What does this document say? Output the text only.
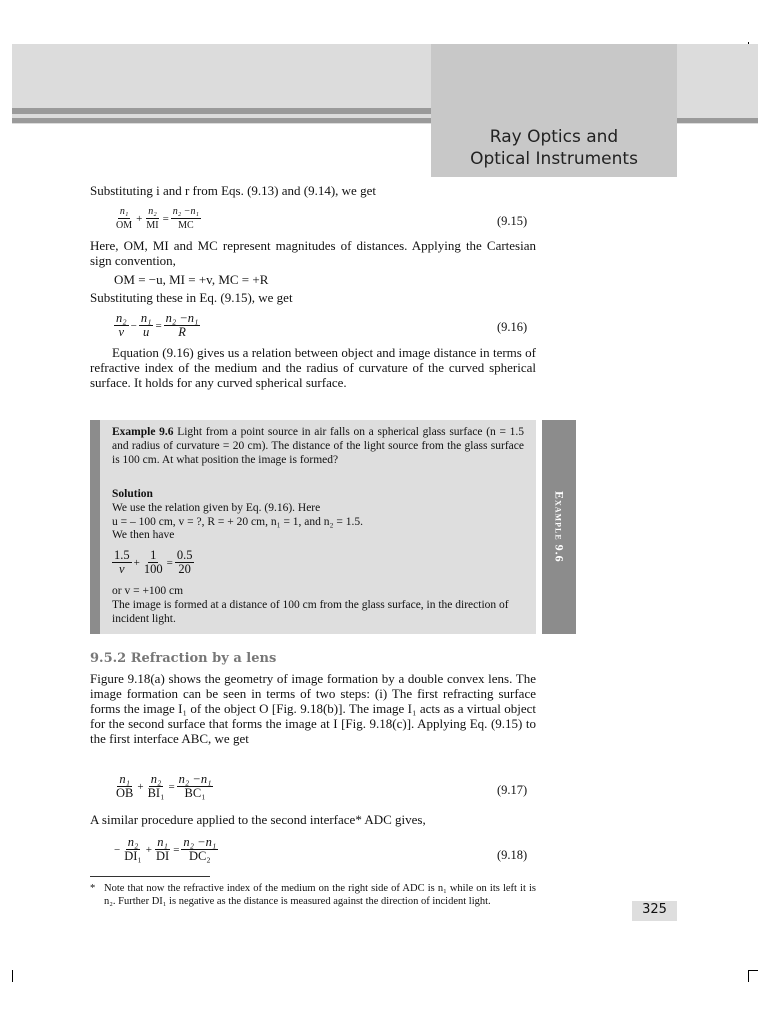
Ray Optics and
Optical Instruments
Substituting i and r from Eqs. (9.13) and (9.14), we get
$\frac{\text{n₁}}{OM} + \frac{\text{n₂}}{MI} = \frac{\text{n₂ −n₁}}{MC}$	(9.15)
Here, OM, MI and MC represent magnitudes of distances. Applying the Cartesian sign convention,
OM = −u, MI = +v, MC = +R
Substituting these in Eq. (9.15), we get
$\frac{\text{n₂}}{v} - \frac{\text{n₁}}{u} = \frac{\text{n₂ −n₁}}{R}$	(9.16)
Equation (9.16) gives us a relation between object and image distance in terms of refractive index of the medium and the radius of curvature of the curved spherical surface. It holds for any curved spherical surface.
Example 9.6
Example 9.6 Light from a point source in air falls on a spherical glass surface (n = 1.5 and radius of curvature = 20 cm). The distance of the light source from the glass surface is 100 cm. At what position the image is formed?
Solution
We use the relation given by Eq. (9.16). Here
u = – 100 cm, v = ?, R = + 20 cm, n₁ = 1, and n₂ = 1.5.
We then have
$\frac{1.5}{v} + \frac{1}{100} = \frac{0.5}{20}$
or v = +100 cm
The image is formed at a distance of 100 cm from the glass surface, in the direction of incident light.
9.5.2 Refraction by a lens
Figure 9.18(a) shows the geometry of image formation by a double convex lens. The image formation can be seen in terms of two steps: (i) The first refracting surface forms the image I₁ of the object O [Fig. 9.18(b)]. The image I₁ acts as a virtual object for the second surface that forms the image at I [Fig. 9.18(c)]. Applying Eq. (9.15) to the first interface ABC, we get
$\frac{\text{n₁}}{OB} + \frac{\text{n₂}}{\text{BI₁}} = \frac{\text{n₂ −n₁}}{\text{BC₁}}$	(9.17)
A similar procedure applied to the second interface* ADC gives,
− $\frac{\text{n₂}}{\text{DI₁}} + \frac{\text{n₁}}{DI} = \frac{\text{n₂ −n₁}}{\text{DC₂}}$	(9.18)
* Note that now the refractive index of the medium on the right side of ADC is n₁ while on its left it is n₂. Further DI₁ is negative as the distance is measured against the direction of incident light.
325
